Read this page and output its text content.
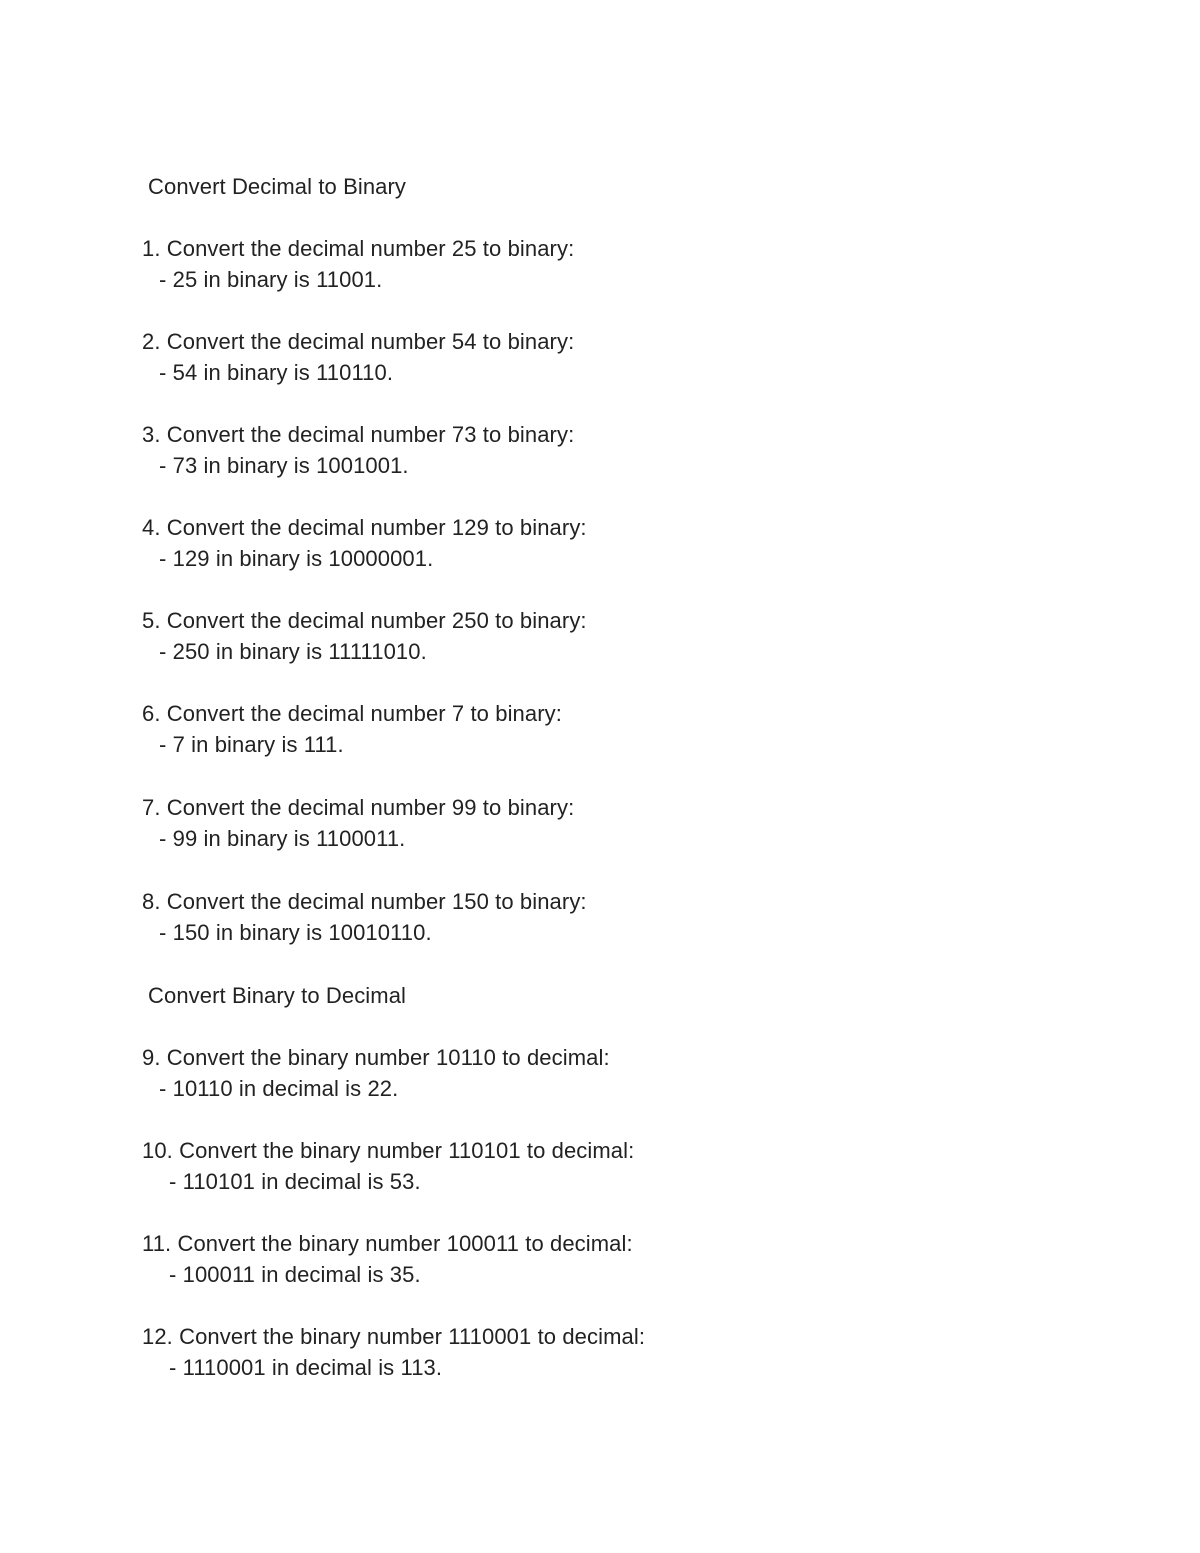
Convert Decimal to Binary
1. Convert the decimal number 25 to binary:
- 25 in binary is 11001.
2. Convert the decimal number 54 to binary:
- 54 in binary is 110110.
3. Convert the decimal number 73 to binary:
- 73 in binary is 1001001.
4. Convert the decimal number 129 to binary:
- 129 in binary is 10000001.
5. Convert the decimal number 250 to binary:
- 250 in binary is 11111010.
6. Convert the decimal number 7 to binary:
- 7 in binary is 111.
7. Convert the decimal number 99 to binary:
- 99 in binary is 1100011.
8. Convert the decimal number 150 to binary:
- 150 in binary is 10010110.
Convert Binary to Decimal
9. Convert the binary number 10110 to decimal:
- 10110 in decimal is 22.
10. Convert the binary number 110101 to decimal:
- 110101 in decimal is 53.
11. Convert the binary number 100011 to decimal:
- 100011 in decimal is 35.
12. Convert the binary number 1110001 to decimal:
- 1110001 in decimal is 113.
